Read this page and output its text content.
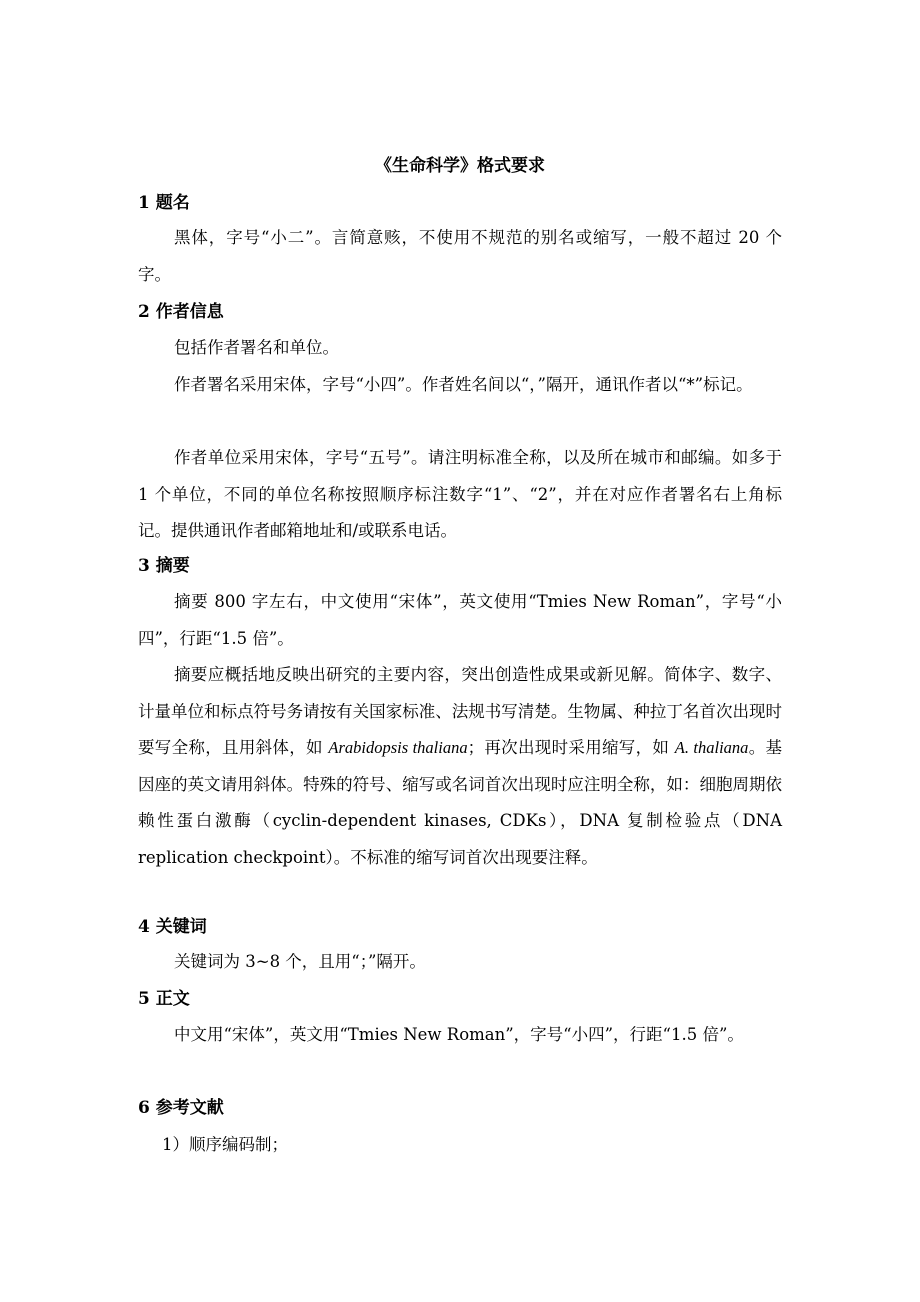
《生命科学》格式要求
1 题名

黑体，字号“小二”。言简意赅，不使用不规范的别名或缩写，一般不超过 20 个字。

2 作者信息

包括作者署名和单位。

作者署名采用宋体，字号“小四”。作者姓名间以“，”隔开，通讯作者以“*”标记。

作者单位采用宋体，字号“五号”。请注明标准全称，以及所在城市和邮编。如多于 1 个单位，不同的单位名称按照顺序标注数字“1”、“2”，并在对应作者署名右上角标记。提供通讯作者邮箱地址和/或联系电话。

3 摘要

摘要 800 字左右，中文使用“宋体”，英文使用“Tmies New Roman”，字号“小四”，行距“1.5 倍”。

摘要应概括地反映出研究的主要内容，突出创造性成果或新见解。简体字、数字、计量单位和标点符号务请按有关国家标准、法规书写清楚。生物属、种拉丁名首次出现时要写全称，且用斜体，如 Arabidopsis thaliana；再次出现时采用缩写，如 A. thaliana。基因座的英文请用斜体。特殊的符号、缩写或名词首次出现时应注明全称，如：细胞周期依赖性蛋白激酶（cyclin-dependent kinases, CDKs），DNA 复制检验点（DNA replication checkpoint）。不标准的缩写词首次出现要注释。

4 关键词

关键词为 3~8 个，且用“；”隔开。

5 正文

中文用“宋体”，英文用“Tmies New Roman”，字号“小四”，行距“1.5 倍”。

6 参考文献
1）顺序编码制；
